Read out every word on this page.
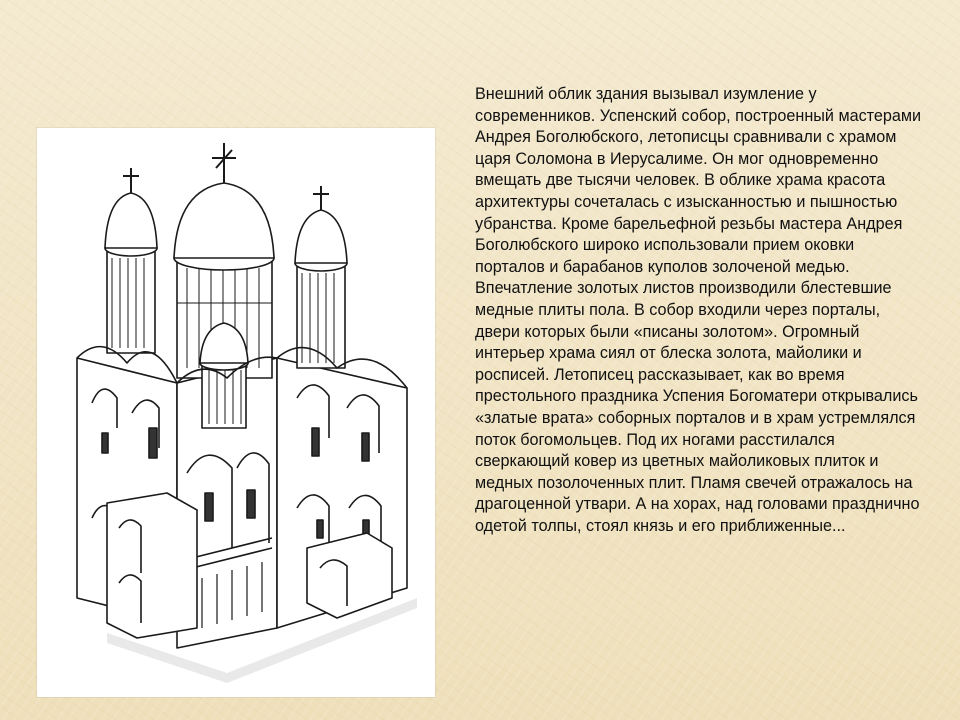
Внешний облик здания вызывал изумление у современников. Успенский собор, построенный мастерами Андрея Боголюбского, летописцы сравнивали с храмом царя Соломона в Иерусалиме. Он мог одновременно вмещать две тысячи человек. В облике храма красота архитектуры сочеталась с изысканностью и пышностью убранства. Кроме барельефной резьбы мастера Андрея Боголюбского широко использовали прием оковки порталов и барабанов куполов золоченой медью. Впечатление золотых листов производили блестевшие медные плиты пола. В собор входили через порталы, двери которых были «писаны золотом». Огромный интерьер храма сиял от блеска золота, майолики и росписей. Летописец рассказывает, как во время престольного праздника Успения Богоматери открывались «златые врата» соборных порталов и в храм устремлялся поток богомольцев. Под их ногами расстилался сверкающий ковер из цветных майоликовых плиток и медных позолоченных плит. Пламя свечей отражалось на драгоценной утвари. А на хорах, над головами празднично одетой толпы, стоял князь и его приближенные...
